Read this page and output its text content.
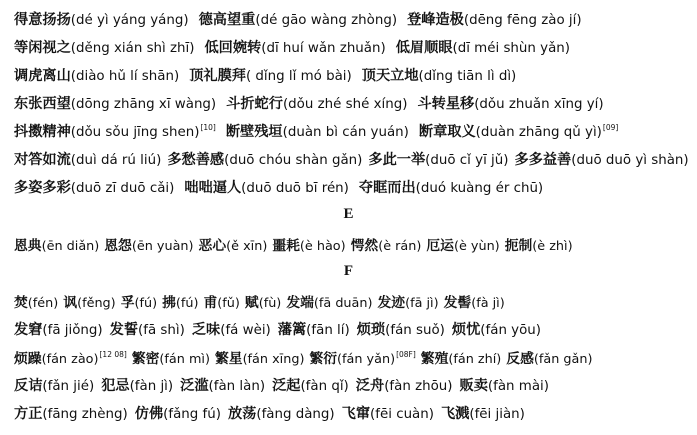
得意扬扬 (dé yì yáng yáng) 德高望重 (dé gāo wàng zhòng) 登峰造极 (dēng fēng zào jí)
等闲视之 (děng xián shì zhī) 低回婉转 (dī huí wǎn zhuǎn) 低眉顺眼 (dī méi shùn yǎn)
调虎离山 (diào hǔ lí shān) 顶礼膜拜 ( dǐng lǐ mó bài) 顶天立地 (dǐng tiān lì dì)
东张西望 (dōng zhāng xī wàng) 斗折蛇行 (dǒu zhé shé xíng) 斗转星移 (dǒu zhuǎn xīng yí)
抖擞精神 (dǒu sǒu jīng shen) [10] 断壁残垣 (duàn bì cán yuán) 断章取义 (duàn zhāng qǔ yì) [09]
对答如流 (duì dá rú liú) 多愁善感 (duō chóu shàn gǎn) 多此一举 (duō cǐ yī jǔ) 多多益善 (duō duō yì shàn)
多姿多彩 (duō zī duō cǎi) 咄咄逼人 (duō duō bī rén) 夺眶而出 (duó kuàng ér chū)
E
恩典 (ēn diǎn) 恩怨 (ēn yuàn) 恶心 (ě xīn) 噩耗 (è hào) 愕然 (è rán) 厄运 (è yùn) 扼制 (è zhì)
F
焚 (fén) 讽 (fěng) 孚 (fú) 拂 (fú) 甫 (fǔ) 赋 (fù) 发端 (fā duān) 发迹 (fā jì) 发髻 (fà jì)
发窘 (fā jiǒng) 发誓 (fā shì) 乏味 (fá wèi) 藩篱 (fān lí) 烦琐 (fán suǒ) 烦忧 (fán yōu)
烦躁 (fán zào) [12 08] 繁密 (fán mì) 繁星 (fán xīng) 繁衍 (fán yǎn) [08F] 繁殖 (fán zhí) 反感 (fǎn gǎn)
反诘 (fǎn jié) 犯忌 (fàn jì) 泛滥 (fàn làn) 泛起 (fàn qǐ) 泛舟 (fàn zhōu) 贩卖 (fàn mài)
方正 (fāng zhèng) 仿佛 (fǎng fú) 放荡 (fàng dàng) 飞窜 (fēi cuàn) 飞溅 (fēi jiàn)
